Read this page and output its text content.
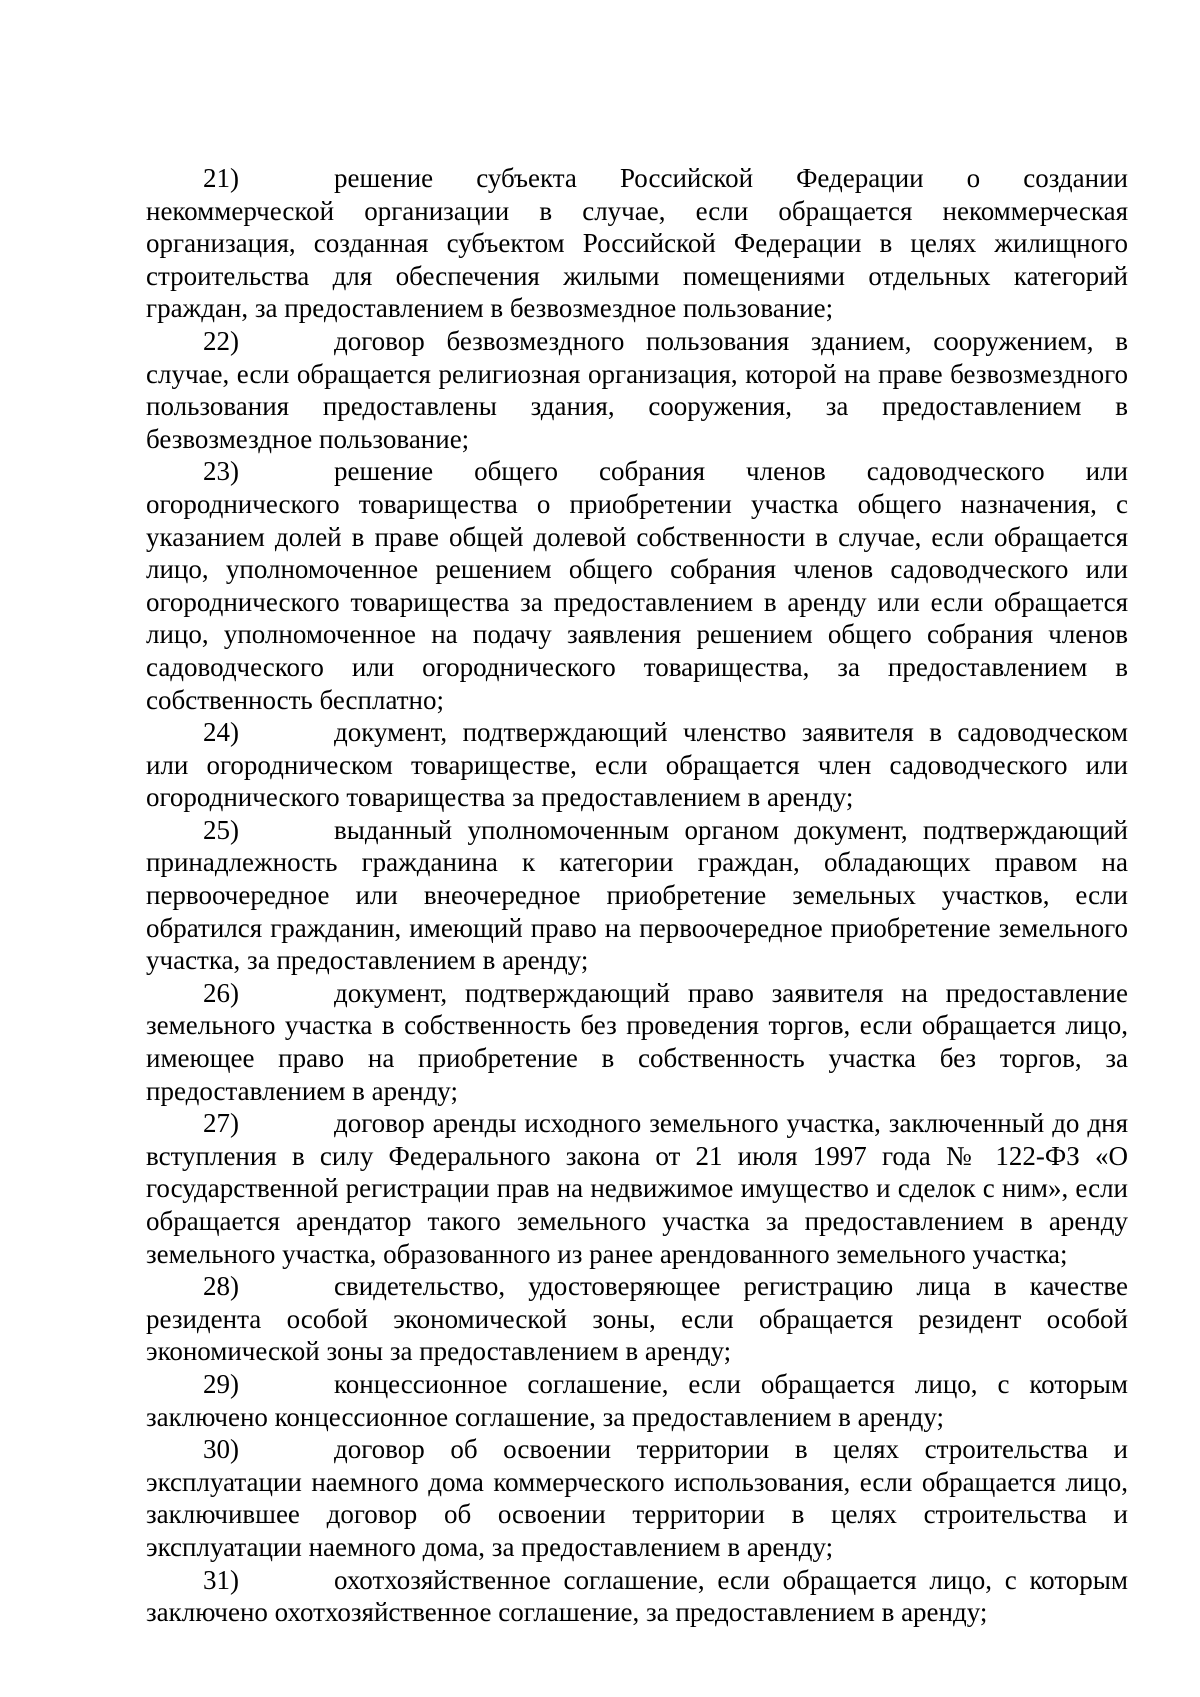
21)	решение субъекта Российской Федерации о создании некоммерческой организации в случае, если обращается некоммерческая организация, созданная субъектом Российской Федерации в целях жилищного строительства для обеспечения жилыми помещениями отдельных категорий граждан, за предоставлением в безвозмездное пользование;

22)	договор безвозмездного пользования зданием, сооружением, в случае, если обращается религиозная организация, которой на праве безвозмездного пользования предоставлены здания, сооружения, за предоставлением в безвозмездное пользование;

23)	решение общего собрания членов садоводческого или огороднического товарищества о приобретении участка общего назначения, с указанием долей в праве общей долевой собственности в случае, если обращается лицо, уполномоченное решением общего собрания членов садоводческого или огороднического товарищества за предоставлением в аренду или если обращается лицо, уполномоченное на подачу заявления решением общего собрания членов садоводческого или огороднического товарищества, за предоставлением в собственность бесплатно;

24)	документ, подтверждающий членство заявителя в садоводческом или огородническом товариществе, если обращается член садоводческого или огороднического товарищества за предоставлением в аренду;

25)	выданный уполномоченным органом документ, подтверждающий принадлежность гражданина к категории граждан, обладающих правом на первоочередное или внеочередное приобретение земельных участков, если обратился гражданин, имеющий право на первоочередное приобретение земельного участка, за предоставлением в аренду;

26)	документ, подтверждающий право заявителя на предоставление земельного участка в собственность без проведения торгов, если обращается лицо, имеющее право на приобретение в собственность участка без торгов, за предоставлением в аренду;

27)	договор аренды исходного земельного участка, заключенный до дня вступления в силу Федерального закона от 21 июля 1997 года № 122-ФЗ «О государственной регистрации прав на недвижимое имущество и сделок с ним», если обращается арендатор такого земельного участка за предоставлением в аренду земельного участка, образованного из ранее арендованного земельного участка;

28)	свидетельство, удостоверяющее регистрацию лица в качестве резидента особой экономической зоны, если обращается резидент особой экономической зоны за предоставлением в аренду;

29)	концессионное соглашение, если обращается лицо, с которым заключено концессионное соглашение, за предоставлением в аренду;

30)	договор об освоении территории в целях строительства и эксплуатации наемного дома коммерческого использования, если обращается лицо, заключившее договор об освоении территории в целях строительства и эксплуатации наемного дома, за предоставлением в аренду;

31)	охотхозяйственное соглашение, если обращается лицо, с которым заключено охотхозяйственное соглашение, за предоставлением в аренду;
